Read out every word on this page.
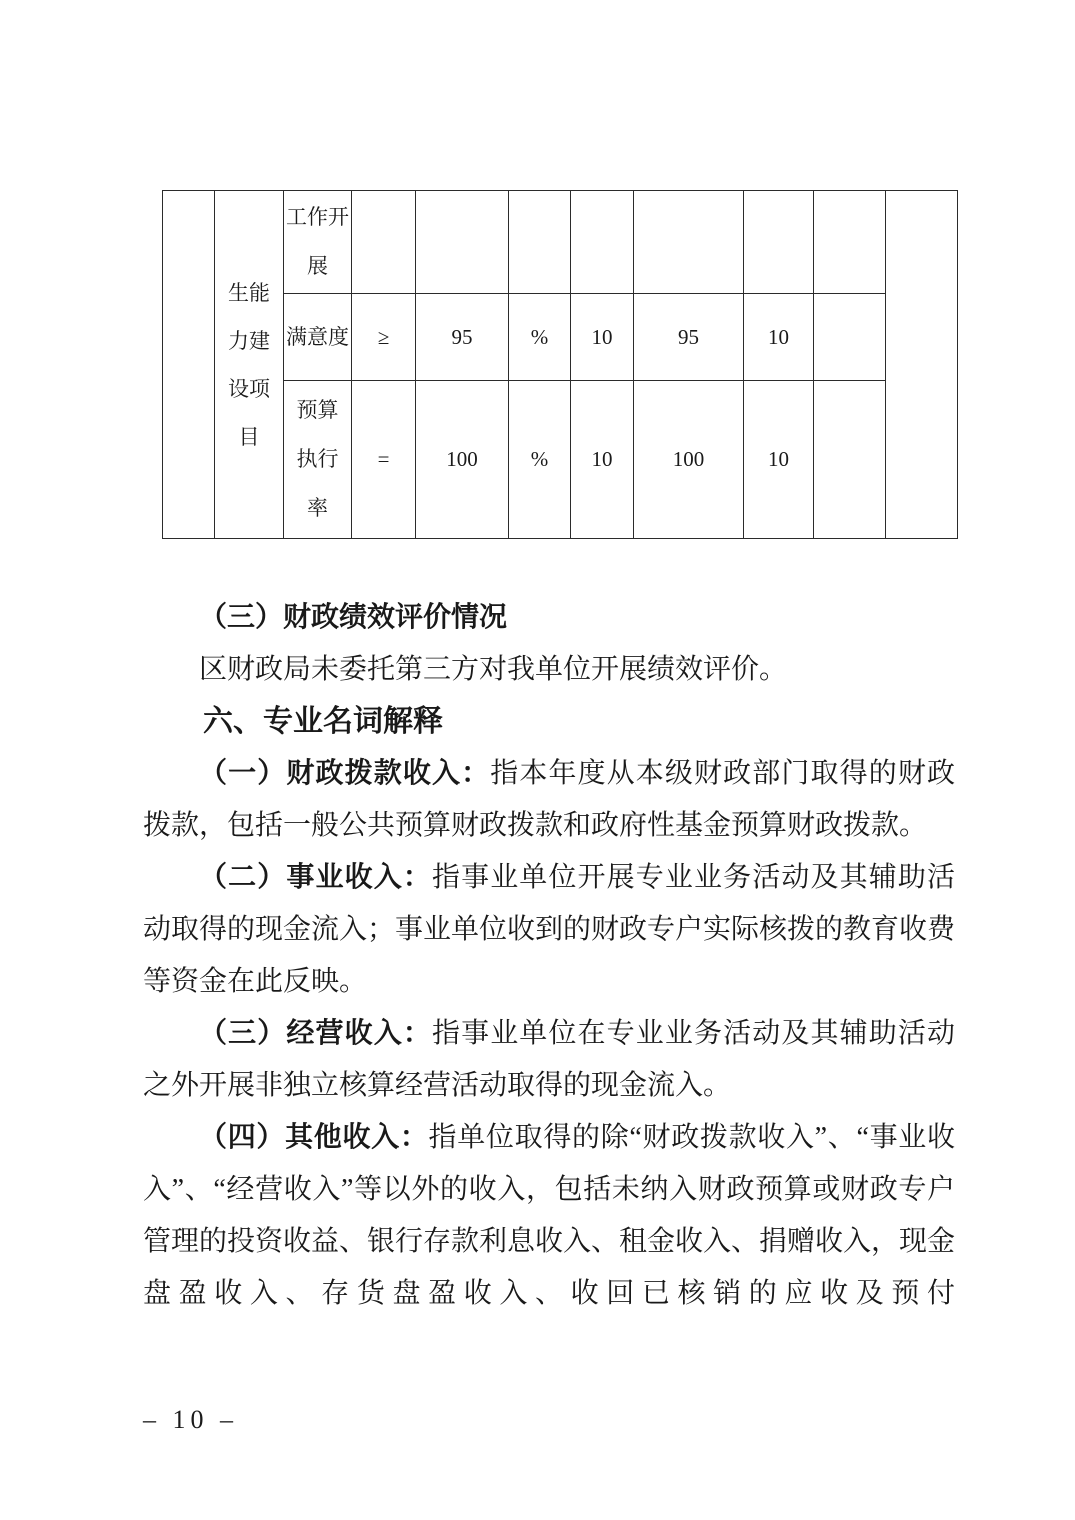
生能
力建
设项
目

工作开
展

		满意度	≥	95	%	10	95	10		

		预算
执行
率	=	100	%	10	100	10		

（三）财政绩效评价情况

区财政局未委托第三方对我单位开展绩效评价。

六、专业名词解释

（一）财政拨款收入：指本年度从本级财政部门取得的财政拨款，包括一般公共预算财政拨款和政府性基金预算财政拨款。

（二）事业收入：指事业单位开展专业业务活动及其辅助活动取得的现金流入；事业单位收到的财政专户实际核拨的教育收费等资金在此反映。

（三）经营收入：指事业单位在专业业务活动及其辅助活动之外开展非独立核算经营活动取得的现金流入。

（四）其他收入：指单位取得的除“财政拨款收入”、“事业收入”、“经营收入”等以外的收入，包括未纳入财政预算或财政专户管理的投资收益、银行存款利息收入、租金收入、捐赠收入，现金盘盈收入、存货盘盈收入、收回已核销的应收及预付

– 10 –
